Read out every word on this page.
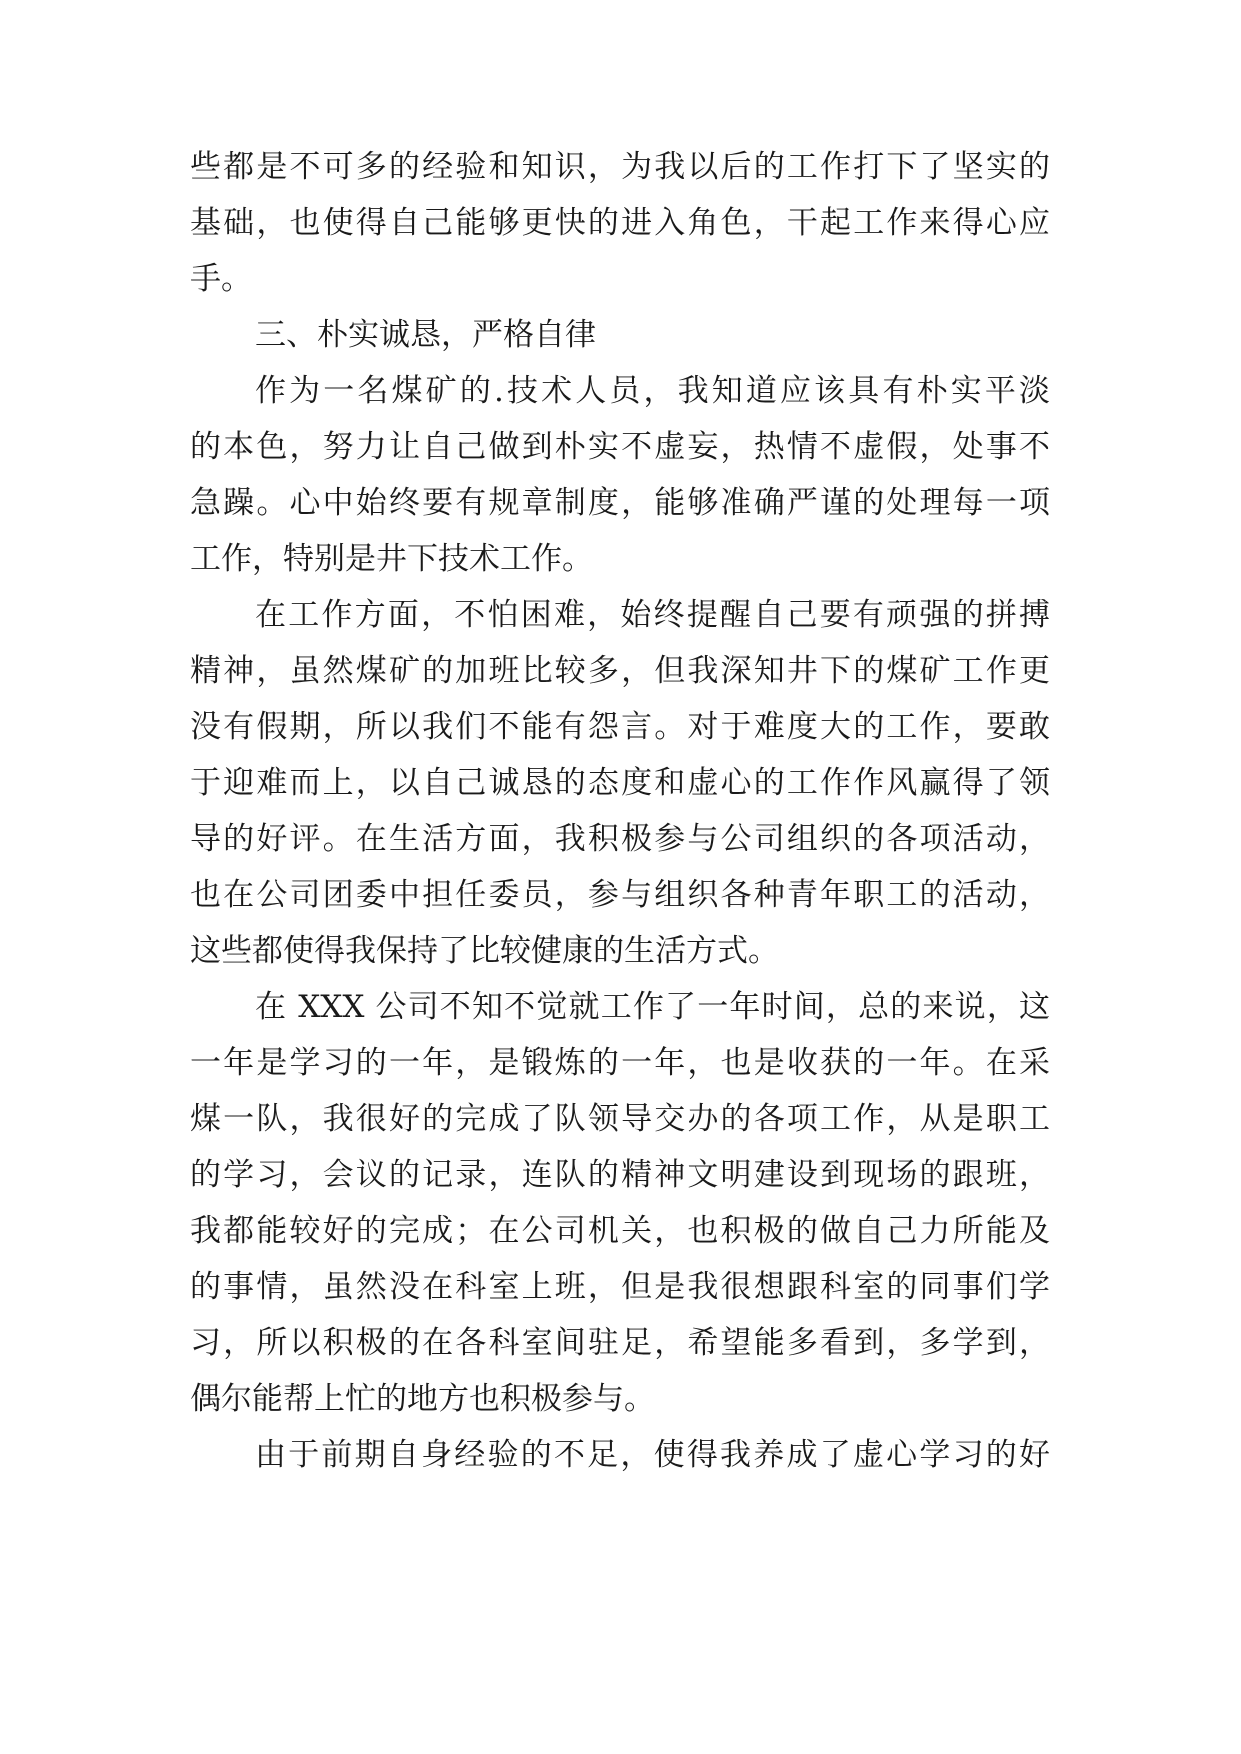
些都是不可多的经验和知识，为我以后的工作打下了坚实的
基础，也使得自己能够更快的进入角色，干起工作来得心应
手。
三、朴实诚恳，严格自律
作为一名煤矿的.技术人员，我知道应该具有朴实平淡
的本色，努力让自己做到朴实不虚妄，热情不虚假，处事不
急躁。心中始终要有规章制度，能够准确严谨的处理每一项
工作，特别是井下技术工作。
在工作方面，不怕困难，始终提醒自己要有顽强的拼搏
精神，虽然煤矿的加班比较多，但我深知井下的煤矿工作更
没有假期，所以我们不能有怨言。对于难度大的工作，要敢
于迎难而上，以自己诚恳的态度和虚心的工作作风赢得了领
导的好评。在生活方面，我积极参与公司组织的各项活动，
也在公司团委中担任委员，参与组织各种青年职工的活动，
这些都使得我保持了比较健康的生活方式。
在 XXX 公司不知不觉就工作了一年时间，总的来说，这
一年是学习的一年，是锻炼的一年，也是收获的一年。在采
煤一队，我很好的完成了队领导交办的各项工作，从是职工
的学习，会议的记录，连队的精神文明建设到现场的跟班，
我都能较好的完成；在公司机关，也积极的做自己力所能及
的事情，虽然没在科室上班，但是我很想跟科室的同事们学
习，所以积极的在各科室间驻足，希望能多看到，多学到，
偶尔能帮上忙的地方也积极参与。
由于前期自身经验的不足，使得我养成了虚心学习的好
